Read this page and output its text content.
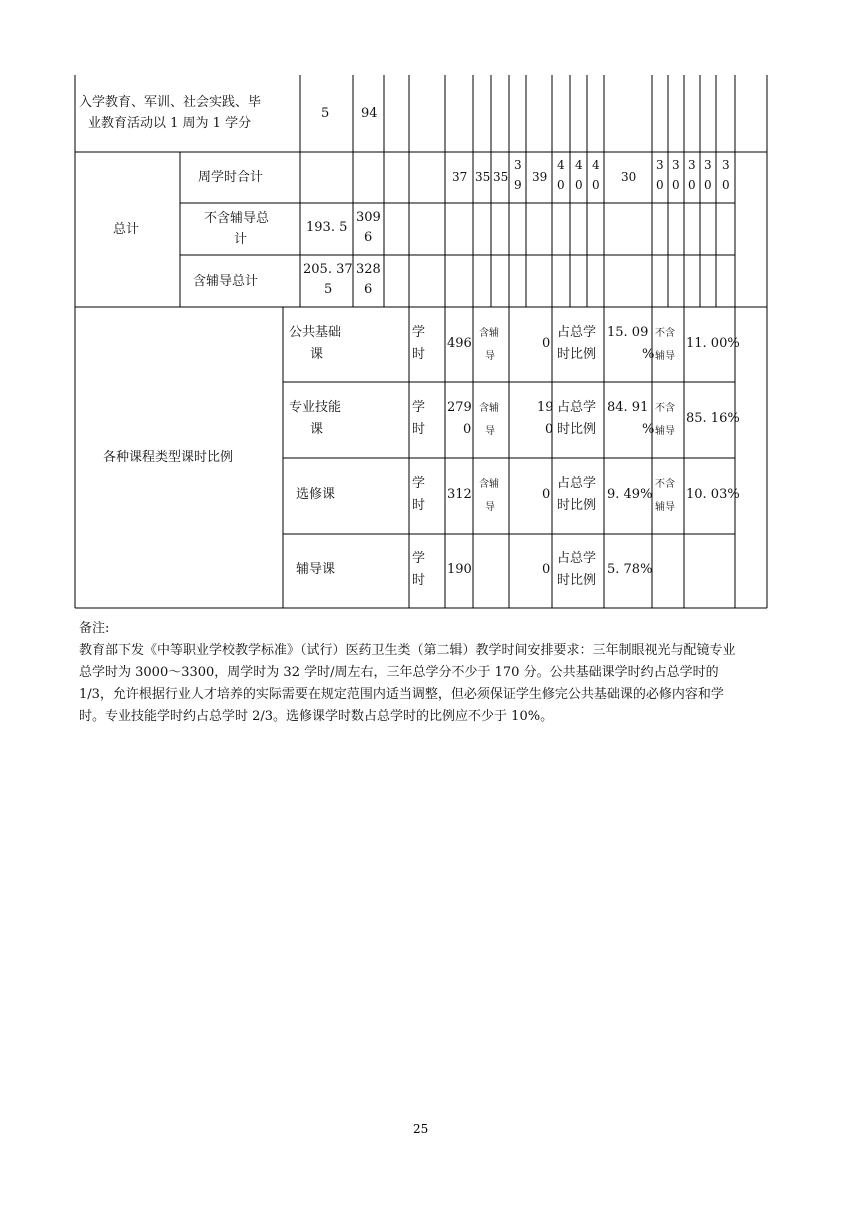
入学教育、军训、社会实践、毕
业教育活动以 1 周为 1 学分
5 94
总计
周学时合计	37 35 35
3
9
39
4
0
4
0
4
0
30
3
0
3
0
3
0
3
0
3
0
不含辅导总
计
193. 5
309
6
含辅导总计
205. 37
5
328
6
各种课程类型课时比例
公共基础
课
学
时
496
含辅
导
0
占总学
时比例
15. 09
%
不含
辅导
11. 00%
专业技能
课
学
时
279
0
含辅
导
19
0
占总学
时比例
84. 91
%
不含
辅导
85. 16%
选修课
学
时
312
含辅
导
0
占总学
时比例
9. 49%
不含
辅导
10. 03%
辅导课
学
时
190	0
占总学
时比例
5. 78%

备注:

教育部下发《中等职业学校教学标准》（试行）医药卫生类（第二辑）教学时间安排要求：三年制眼视光与配镜专业总学时为 3000～3300，周学时为 32 学时/周左右，三年总学分不少于 170 分。公共基础课学时约占总学时的 1/3，允许根据行业人才培养的实际需要在规定范围内适当调整，但必须保证学生修完公共基础课的必修内容和学时。专业技能学时约占总学时 2/3。选修课学时数占总学时的比例应不少于 10%。

25
